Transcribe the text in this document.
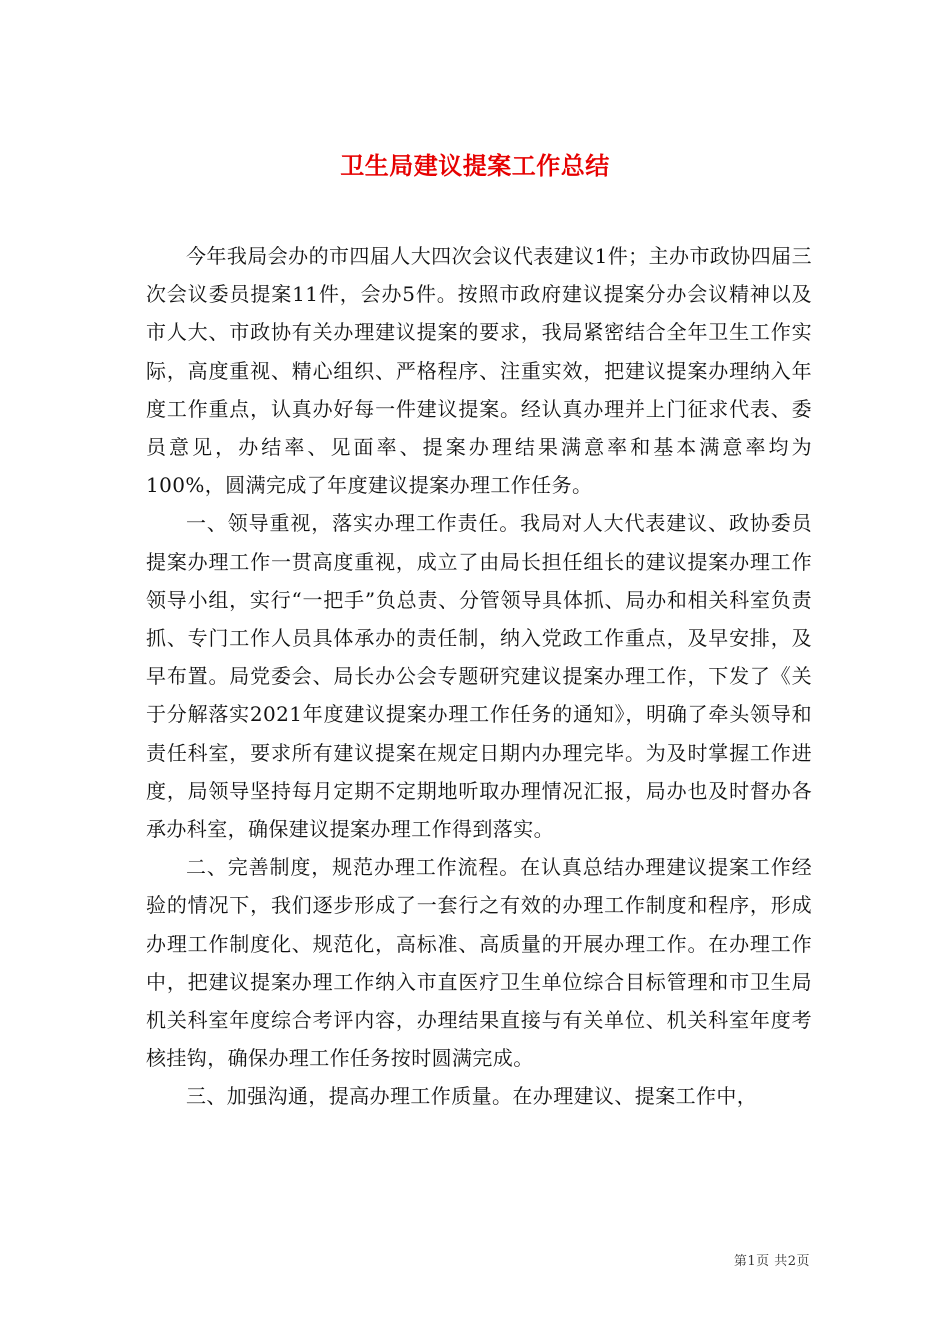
卫生局建议提案工作总结

今年我局会办的市四届人大四次会议代表建议1件；主办市政协四届三次会议委员提案11件，会办5件。按照市政府建议提案分办会议精神以及市人大、市政协有关办理建议提案的要求，我局紧密结合全年卫生工作实际，高度重视、精心组织、严格程序、注重实效，把建议提案办理纳入年度工作重点，认真办好每一件建议提案。经认真办理并上门征求代表、委员意见，办结率、见面率、提案办理结果满意率和基本满意率均为100%，圆满完成了年度建议提案办理工作任务。

一、领导重视，落实办理工作责任。我局对人大代表建议、政协委员提案办理工作一贯高度重视，成立了由局长担任组长的建议提案办理工作领导小组，实行“一把手”负总责、分管领导具体抓、局办和相关科室负责抓、专门工作人员具体承办的责任制，纳入党政工作重点，及早安排，及早布置。局党委会、局长办公会专题研究建议提案办理工作，下发了《关于分解落实2021年度建议提案办理工作任务的通知》，明确了牵头领导和责任科室，要求所有建议提案在规定日期内办理完毕。为及时掌握工作进度，局领导坚持每月定期不定期地听取办理情况汇报，局办也及时督办各承办科室，确保建议提案办理工作得到落实。

二、完善制度，规范办理工作流程。在认真总结办理建议提案工作经验的情况下，我们逐步形成了一套行之有效的办理工作制度和程序，形成办理工作制度化、规范化，高标准、高质量的开展办理工作。在办理工作中，把建议提案办理工作纳入市直医疗卫生单位综合目标管理和市卫生局机关科室年度综合考评内容，办理结果直接与有关单位、机关科室年度考核挂钩，确保办理工作任务按时圆满完成。

三、加强沟通，提高办理工作质量。在办理建议、提案工作中，

第1页 共2页
